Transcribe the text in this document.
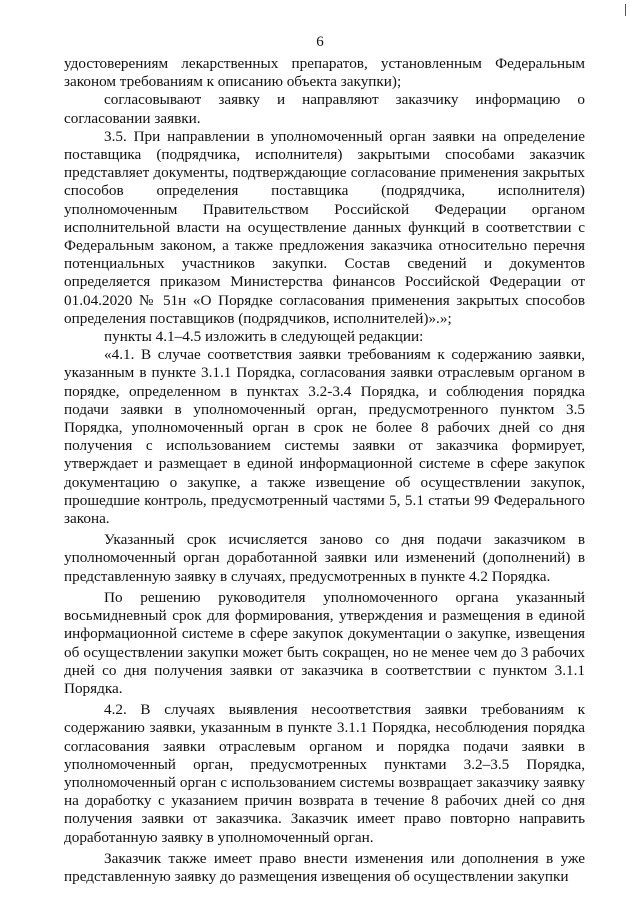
6

удостоверениям лекарственных препаратов, установленным Федеральным законом требованиям к описанию объекта закупки);

согласовывают заявку и направляют заказчику информацию о согласовании заявки.

3.5. При направлении в уполномоченный орган заявки на определение поставщика (подрядчика, исполнителя) закрытыми способами заказчик представляет документы, подтверждающие согласование применения закрытых способов определения поставщика (подрядчика, исполнителя) уполномоченным Правительством Российской Федерации органом исполнительной власти на осуществление данных функций в соответствии с Федеральным законом, а также предложения заказчика относительно перечня потенциальных участников закупки. Состав сведений и документов определяется приказом Министерства финансов Российской Федерации от 01.04.2020 № 51н «О Порядке согласования применения закрытых способов определения поставщиков (подрядчиков, исполнителей)».»;

пункты 4.1–4.5 изложить в следующей редакции:

«4.1. В случае соответствия заявки требованиям к содержанию заявки, указанным в пункте 3.1.1 Порядка, согласования заявки отраслевым органом в порядке, определенном в пунктах 3.2-3.4 Порядка, и соблюдения порядка подачи заявки в уполномоченный орган, предусмотренного пунктом 3.5 Порядка, уполномоченный орган в срок не более 8 рабочих дней со дня получения с использованием системы заявки от заказчика формирует, утверждает и размещает в единой информационной системе в сфере закупок документацию о закупке, а также извещение об осуществлении закупок, прошедшие контроль, предусмотренный частями 5, 5.1 статьи 99 Федерального закона.

Указанный срок исчисляется заново со дня подачи заказчиком в уполномоченный орган доработанной заявки или изменений (дополнений) в представленную заявку в случаях, предусмотренных в пункте 4.2 Порядка.

По решению руководителя уполномоченного органа указанный восьмидневный срок для формирования, утверждения и размещения в единой информационной системе в сфере закупок документации о закупке, извещения об осуществлении закупки может быть сокращен, но не менее чем до 3 рабочих дней со дня получения заявки от заказчика в соответствии с пунктом 3.1.1 Порядка.

4.2. В случаях выявления несоответствия заявки требованиям к содержанию заявки, указанным в пункте 3.1.1 Порядка, несоблюдения порядка согласования заявки отраслевым органом и порядка подачи заявки в уполномоченный орган, предусмотренных пунктами 3.2–3.5 Порядка, уполномоченный орган с использованием системы возвращает заказчику заявку на доработку с указанием причин возврата в течение 8 рабочих дней со дня получения заявки от заказчика. Заказчик имеет право повторно направить доработанную заявку в уполномоченный орган.

Заказчик также имеет право внести изменения или дополнения в уже представленную заявку до размещения извещения об осуществлении закупки
